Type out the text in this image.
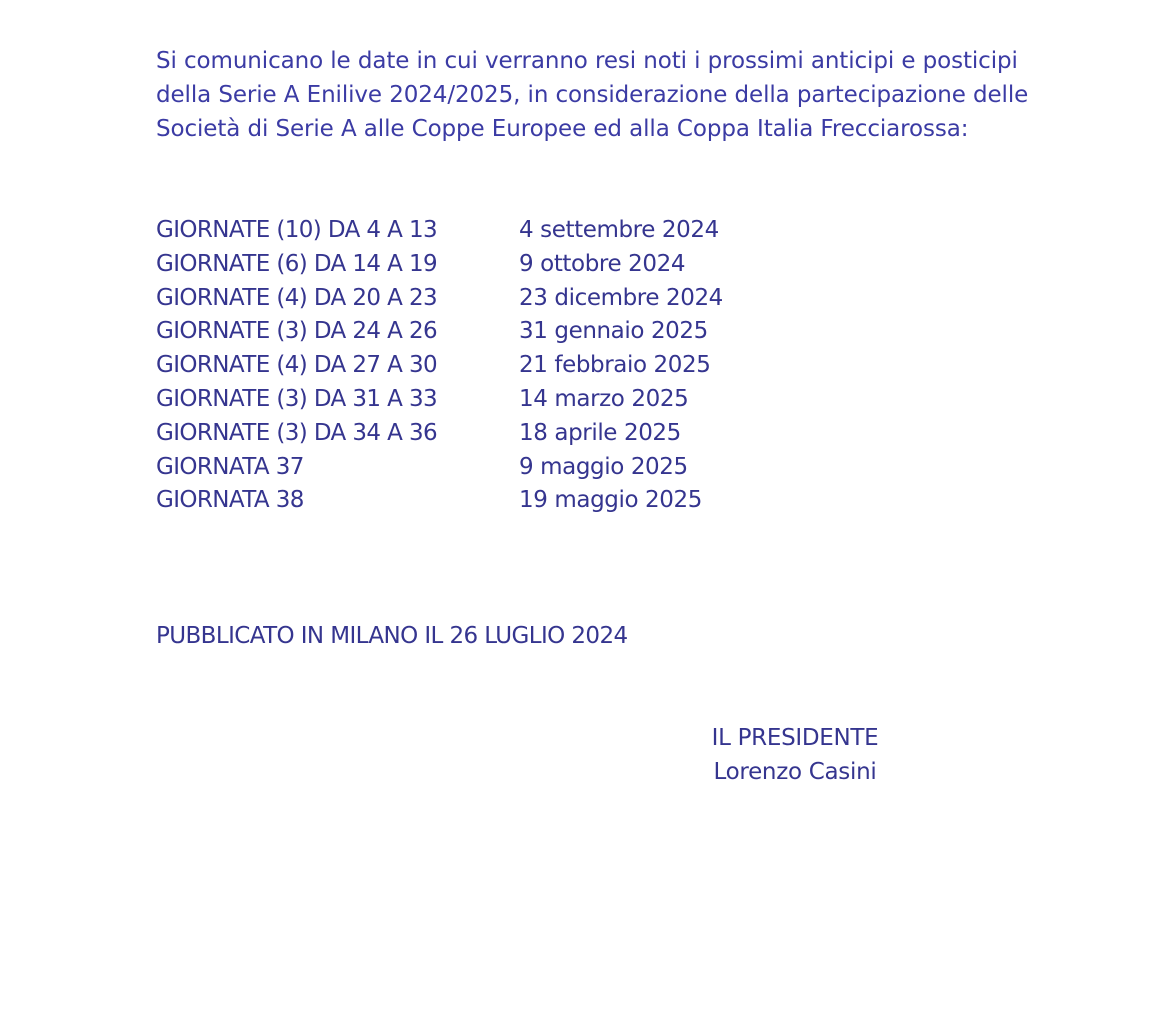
Si comunicano le date in cui verranno resi noti i prossimi anticipi e posticipi

della Serie A Enilive 2024/2025, in considerazione della partecipazione delle

Società di Serie A alle Coppe Europee ed alla Coppa Italia Frecciarossa:

GIORNATE (10) DA 4 A 13	4 settembre 2024
GIORNATE (6) DA 14 A 19	9 ottobre 2024
GIORNATE (4) DA 20 A 23	23 dicembre 2024
GIORNATE (3) DA 24 A 26	31 gennaio 2025
GIORNATE (4) DA 27 A 30	21 febbraio 2025
GIORNATE (3) DA 31 A 33	14 marzo 2025
GIORNATE (3) DA 34 A 36	18 aprile 2025
GIORNATA 37	9 maggio 2025
GIORNATA 38	19 maggio 2025
PUBBLICATO IN MILANO IL 26 LUGLIO 2024
IL PRESIDENTE
Lorenzo Casini
